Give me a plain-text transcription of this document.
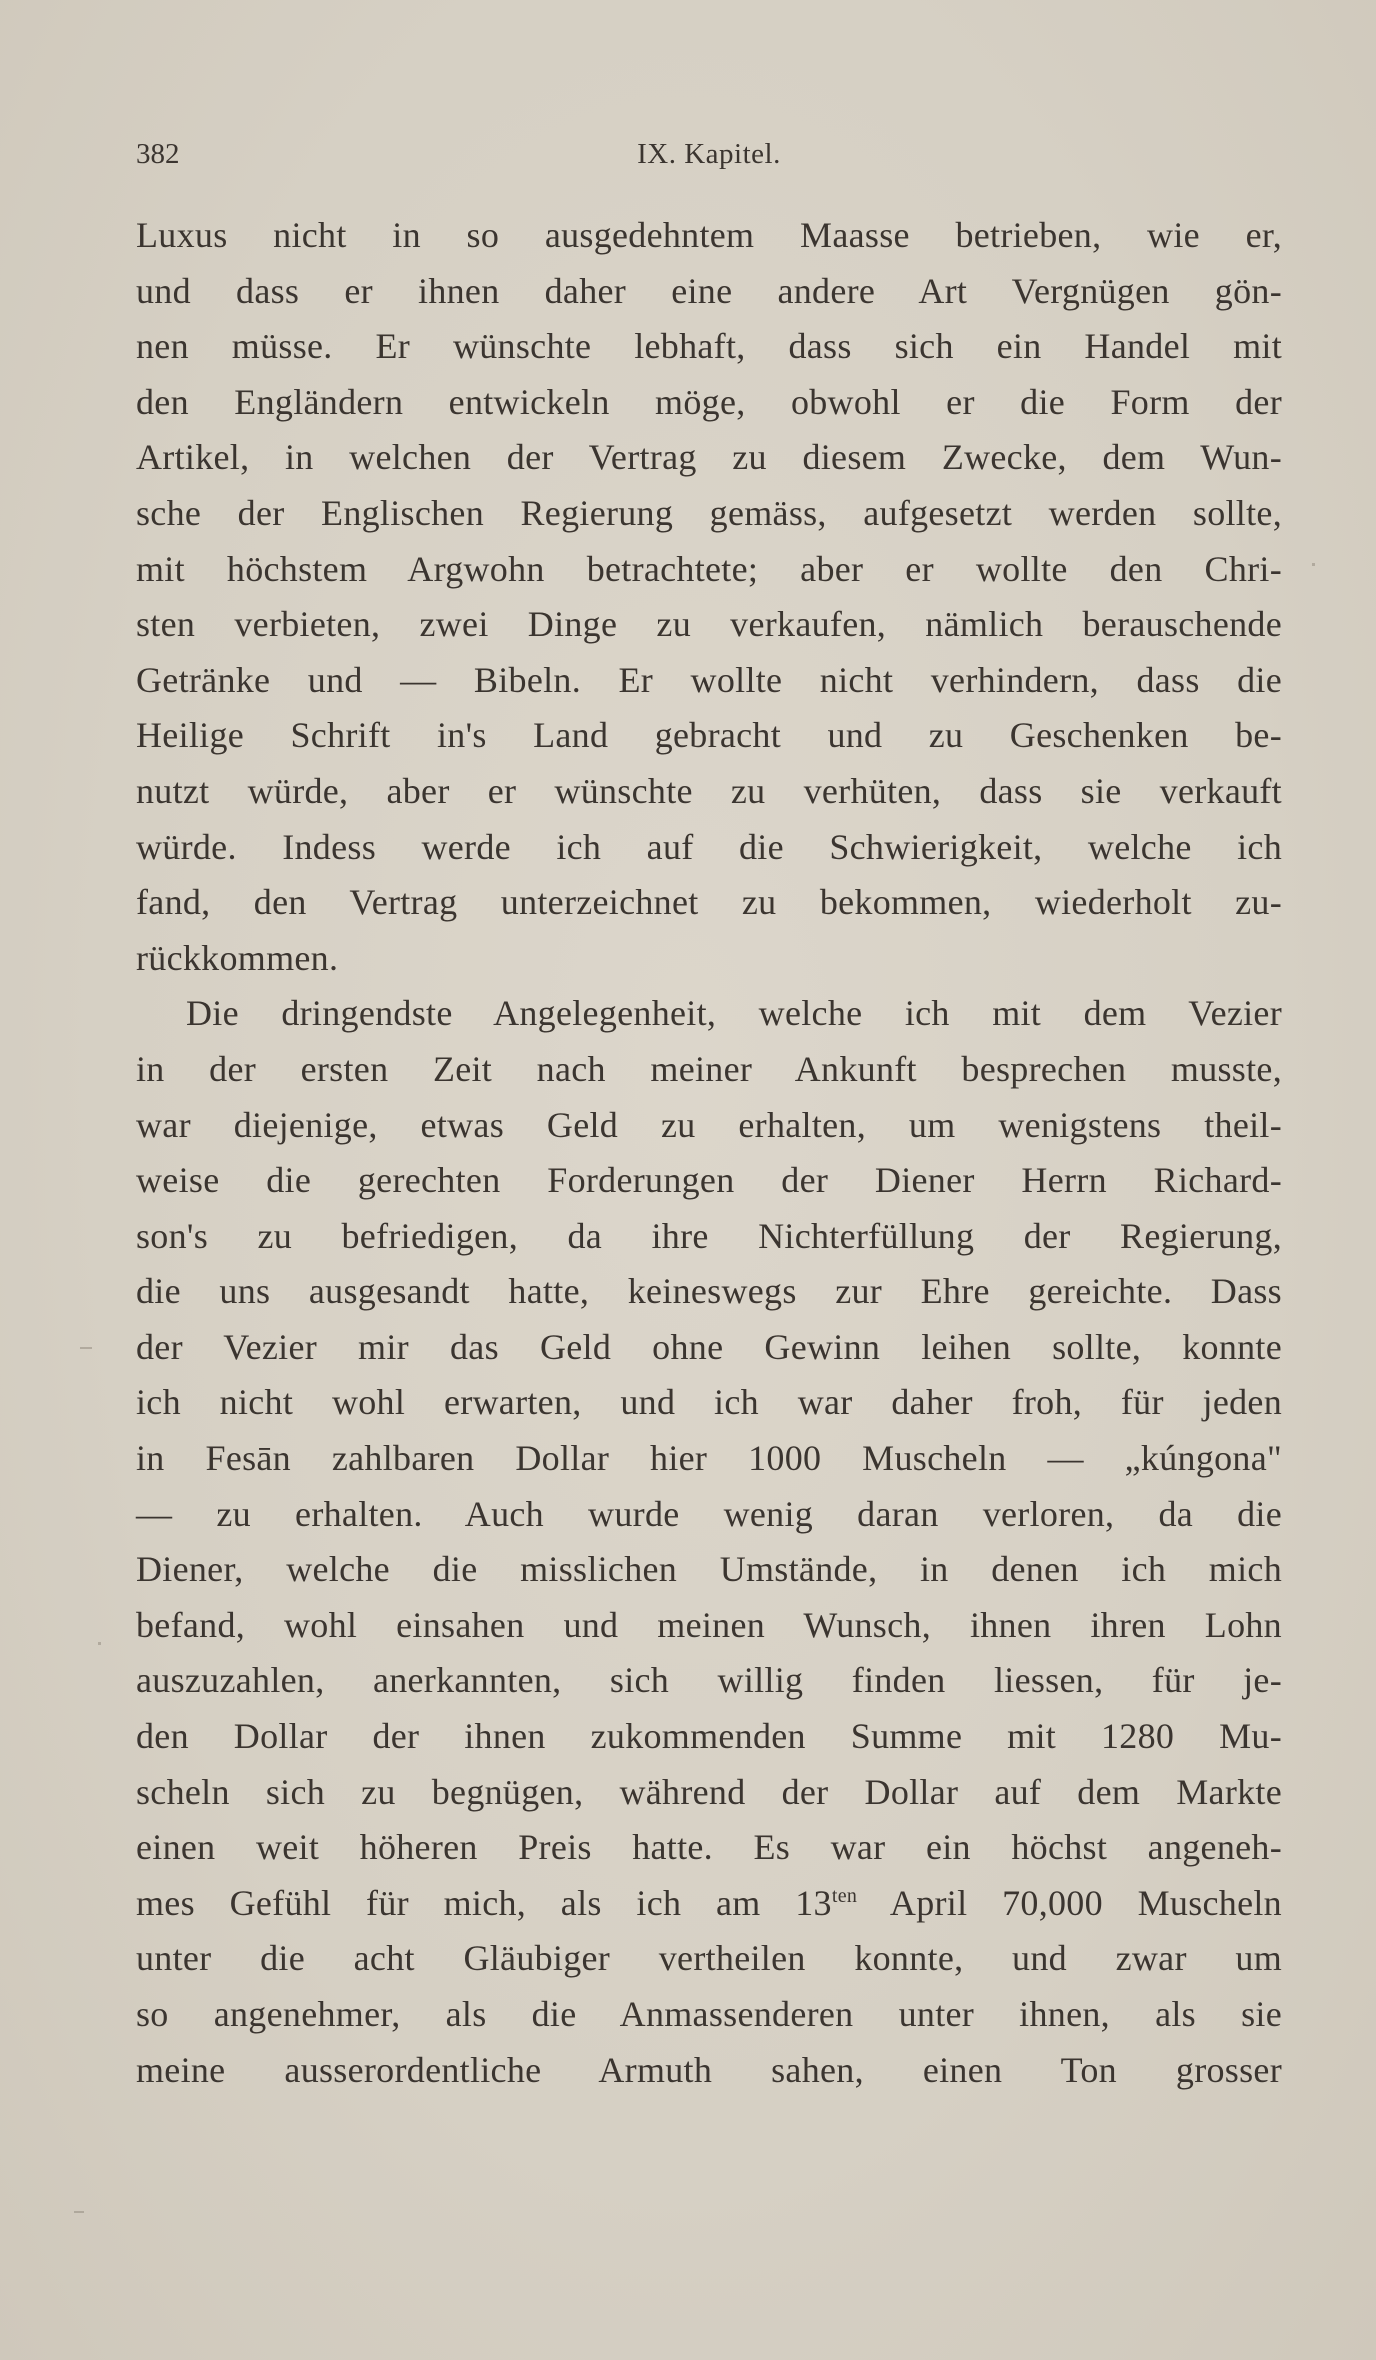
382	IX. Kapitel.
Luxus nicht in so ausgedehntem Maasse betrieben, wie er,
und dass er ihnen daher eine andere Art Vergnügen gön-
nen müsse. Er wünschte lebhaft, dass sich ein Handel mit
den Engländern entwickeln möge, obwohl er die Form der
Artikel, in welchen der Vertrag zu diesem Zwecke, dem Wun-
sche der Englischen Regierung gemäss, aufgesetzt werden sollte,
mit höchstem Argwohn betrachtete; aber er wollte den Chri-
sten verbieten, zwei Dinge zu verkaufen, nämlich berauschende
Getränke und — Bibeln. Er wollte nicht verhindern, dass die
Heilige Schrift in's Land gebracht und zu Geschenken be-
nutzt würde, aber er wünschte zu verhüten, dass sie verkauft
würde. Indess werde ich auf die Schwierigkeit, welche ich
fand, den Vertrag unterzeichnet zu bekommen, wiederholt zu-
rückkommen.
Die dringendste Angelegenheit, welche ich mit dem Vezier
in der ersten Zeit nach meiner Ankunft besprechen musste,
war diejenige, etwas Geld zu erhalten, um wenigstens theil-
weise die gerechten Forderungen der Diener Herrn Richard-
son's zu befriedigen, da ihre Nichterfüllung der Regierung,
die uns ausgesandt hatte, keineswegs zur Ehre gereichte. Dass
der Vezier mir das Geld ohne Gewinn leihen sollte, konnte
ich nicht wohl erwarten, und ich war daher froh, für jeden
in Fesān zahlbaren Dollar hier 1000 Muscheln — „kúngona"
— zu erhalten. Auch wurde wenig daran verloren, da die
Diener, welche die misslichen Umstände, in denen ich mich
befand, wohl einsahen und meinen Wunsch, ihnen ihren Lohn
auszuzahlen, anerkannten, sich willig finden liessen, für je-
den Dollar der ihnen zukommenden Summe mit 1280 Mu-
scheln sich zu begnügen, während der Dollar auf dem Markte
einen weit höheren Preis hatte. Es war ein höchst angeneh-
mes Gefühl für mich, als ich am $13^{ten}$ April 70,000 Muscheln
unter die acht Gläubiger vertheilen konnte, und zwar um
so angenehmer, als die Anmassenderen unter ihnen, als sie
meine ausserordentliche Armuth sahen, einen Ton grosser
